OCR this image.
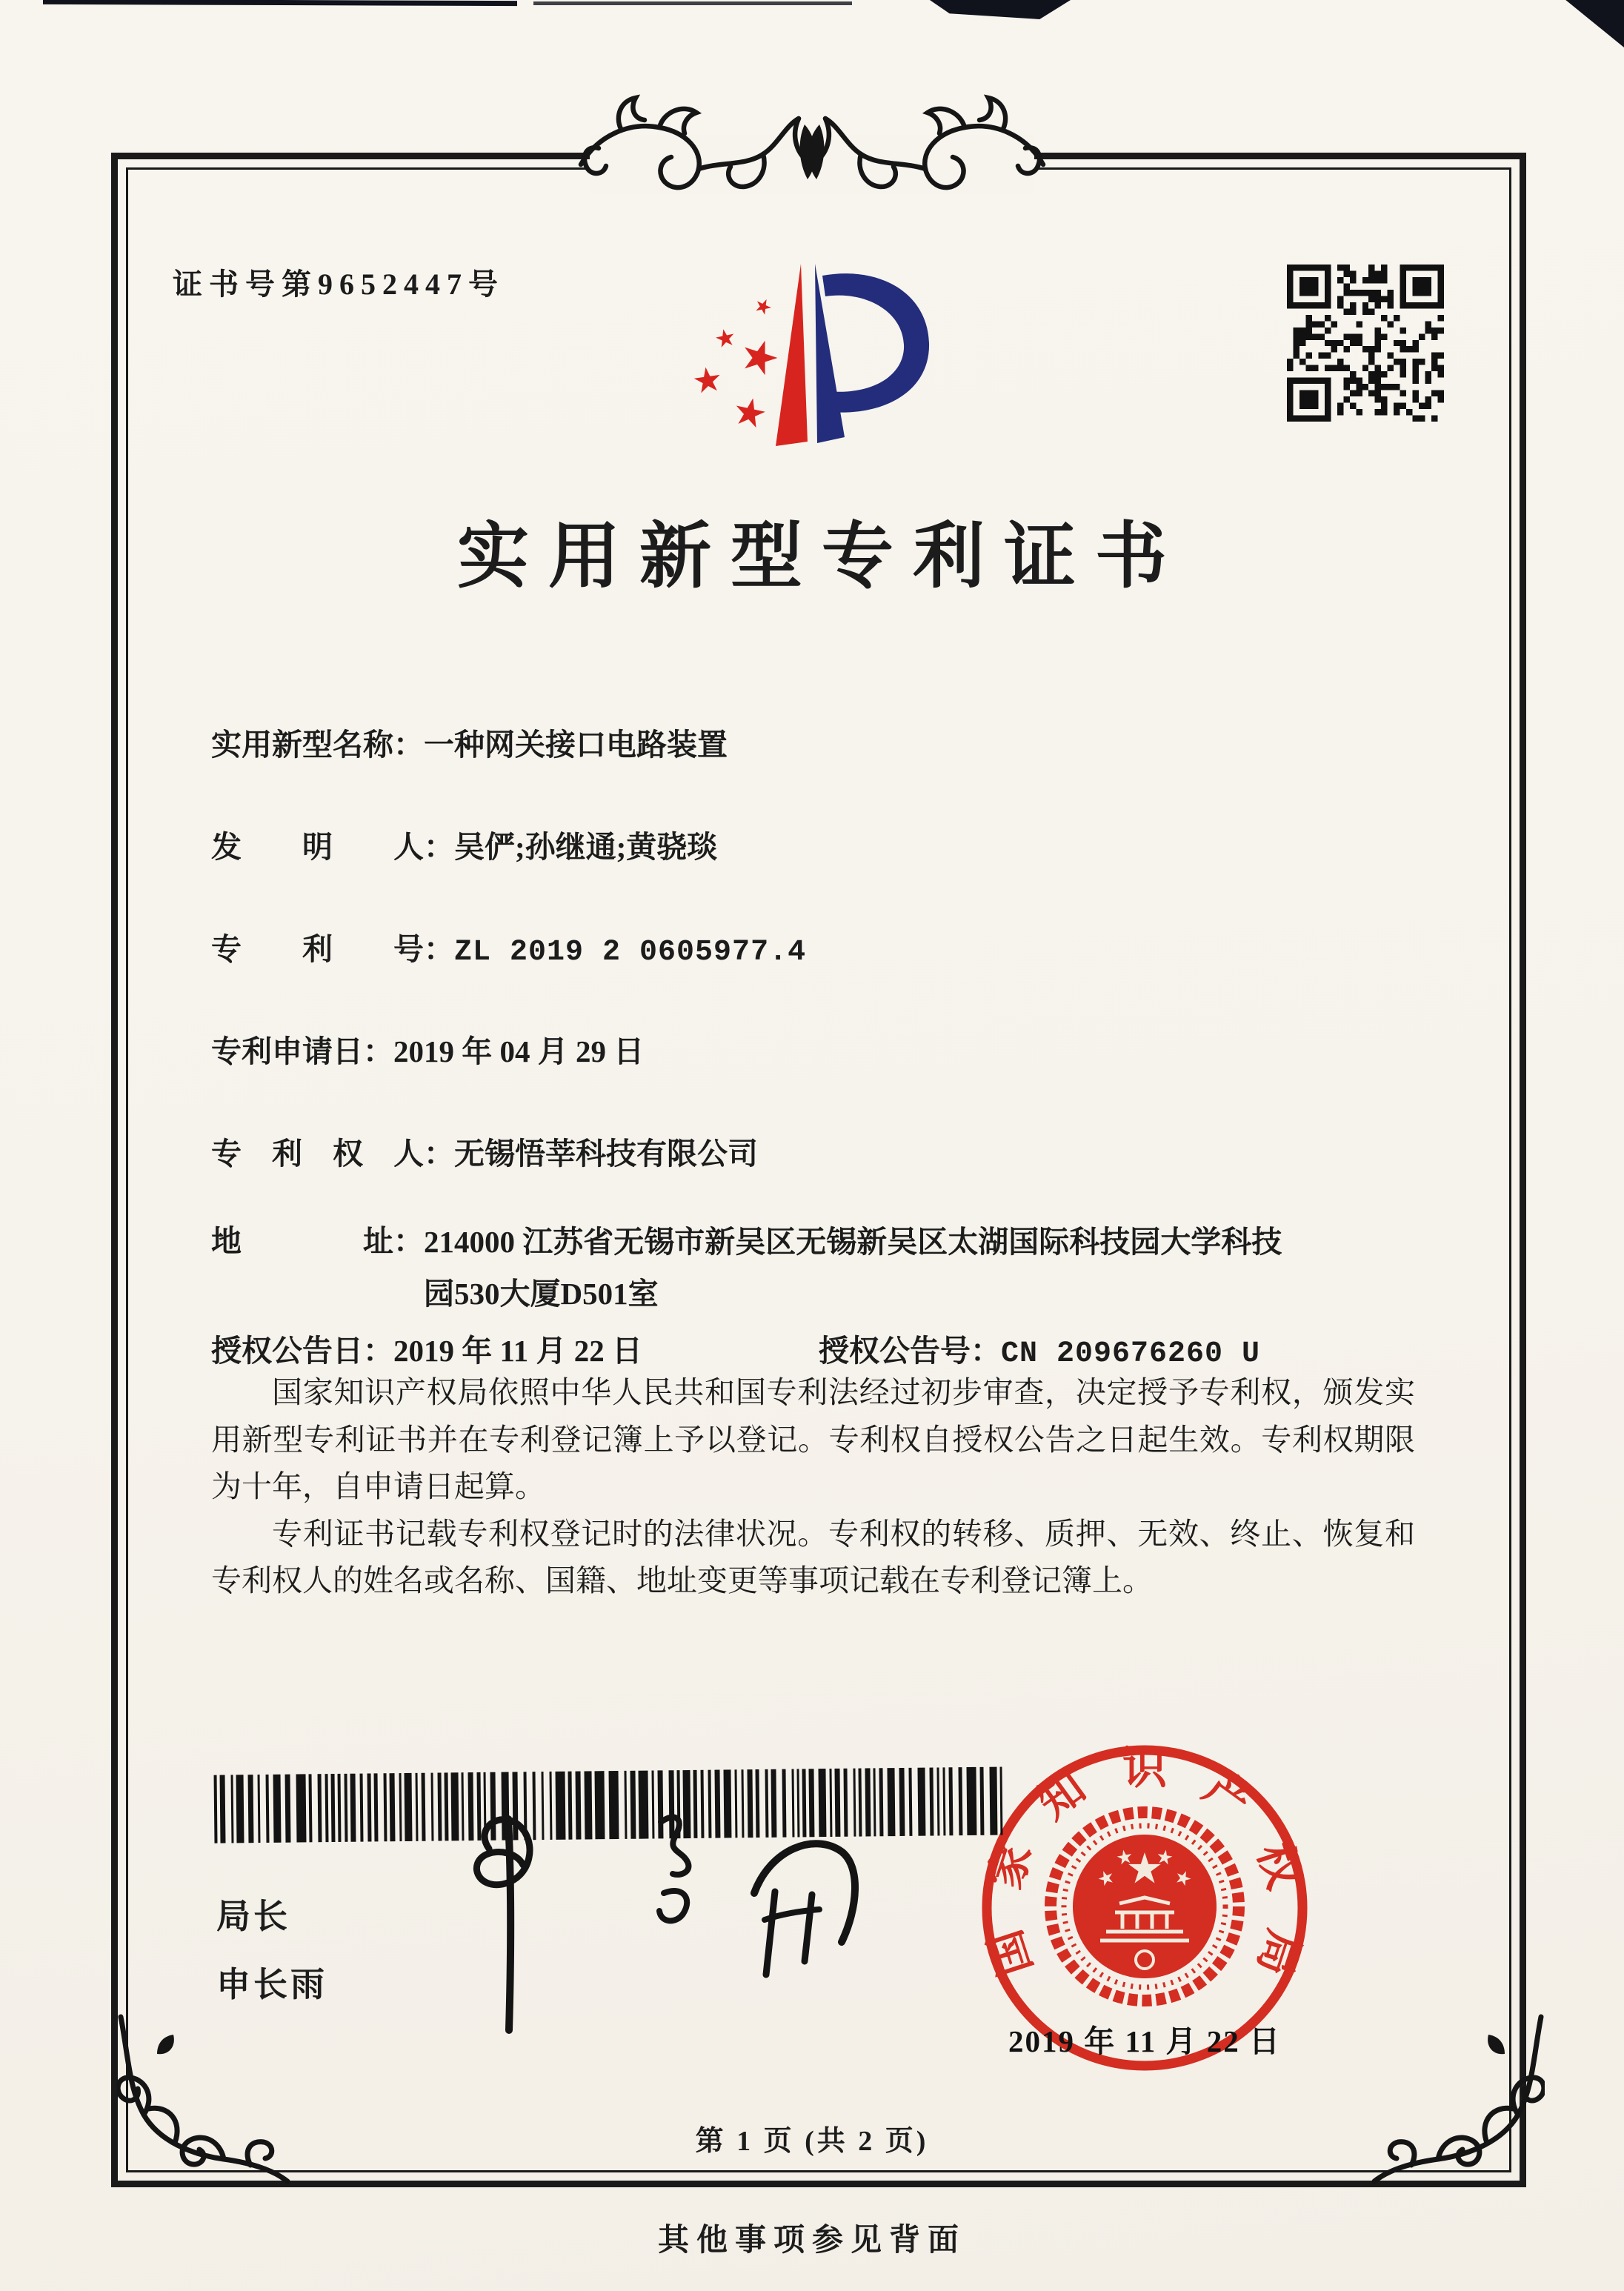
证书号第9652447号
实用新型专利证书
实用新型名称：一种网关接口电路装置
发　　明　　人：吴俨;孙继通;黄骁琰
专　　利　　号：ZL 2019 2 0605977.4
专利申请日：2019 年 04 月 29 日
专　利　权　人：无锡悟莘科技有限公司
地　　　　址：214000 江苏省无锡市新吴区无锡新吴区太湖国际科技园大学科技园530大厦D501室
授权公告日：2019 年 11 月 22 日	授权公告号：CN 209676260 U

国家知识产权局依照中华人民共和国专利法经过初步审查，决定授予专利权，颁发实用新型专利证书并在专利登记簿上予以登记。专利权自授权公告之日起生效。专利权期限为十年，自申请日起算。

专利证书记载专利权登记时的法律状况。专利权的转移、质押、无效、终止、恢复和专利权人的姓名或名称、国籍、地址变更等事项记载在专利登记簿上。

局长
申长雨
国
家
知 识 产
权
局
2019 年 11 月 22 日
第 1 页 (共 2 页)
其他事项参见背面
